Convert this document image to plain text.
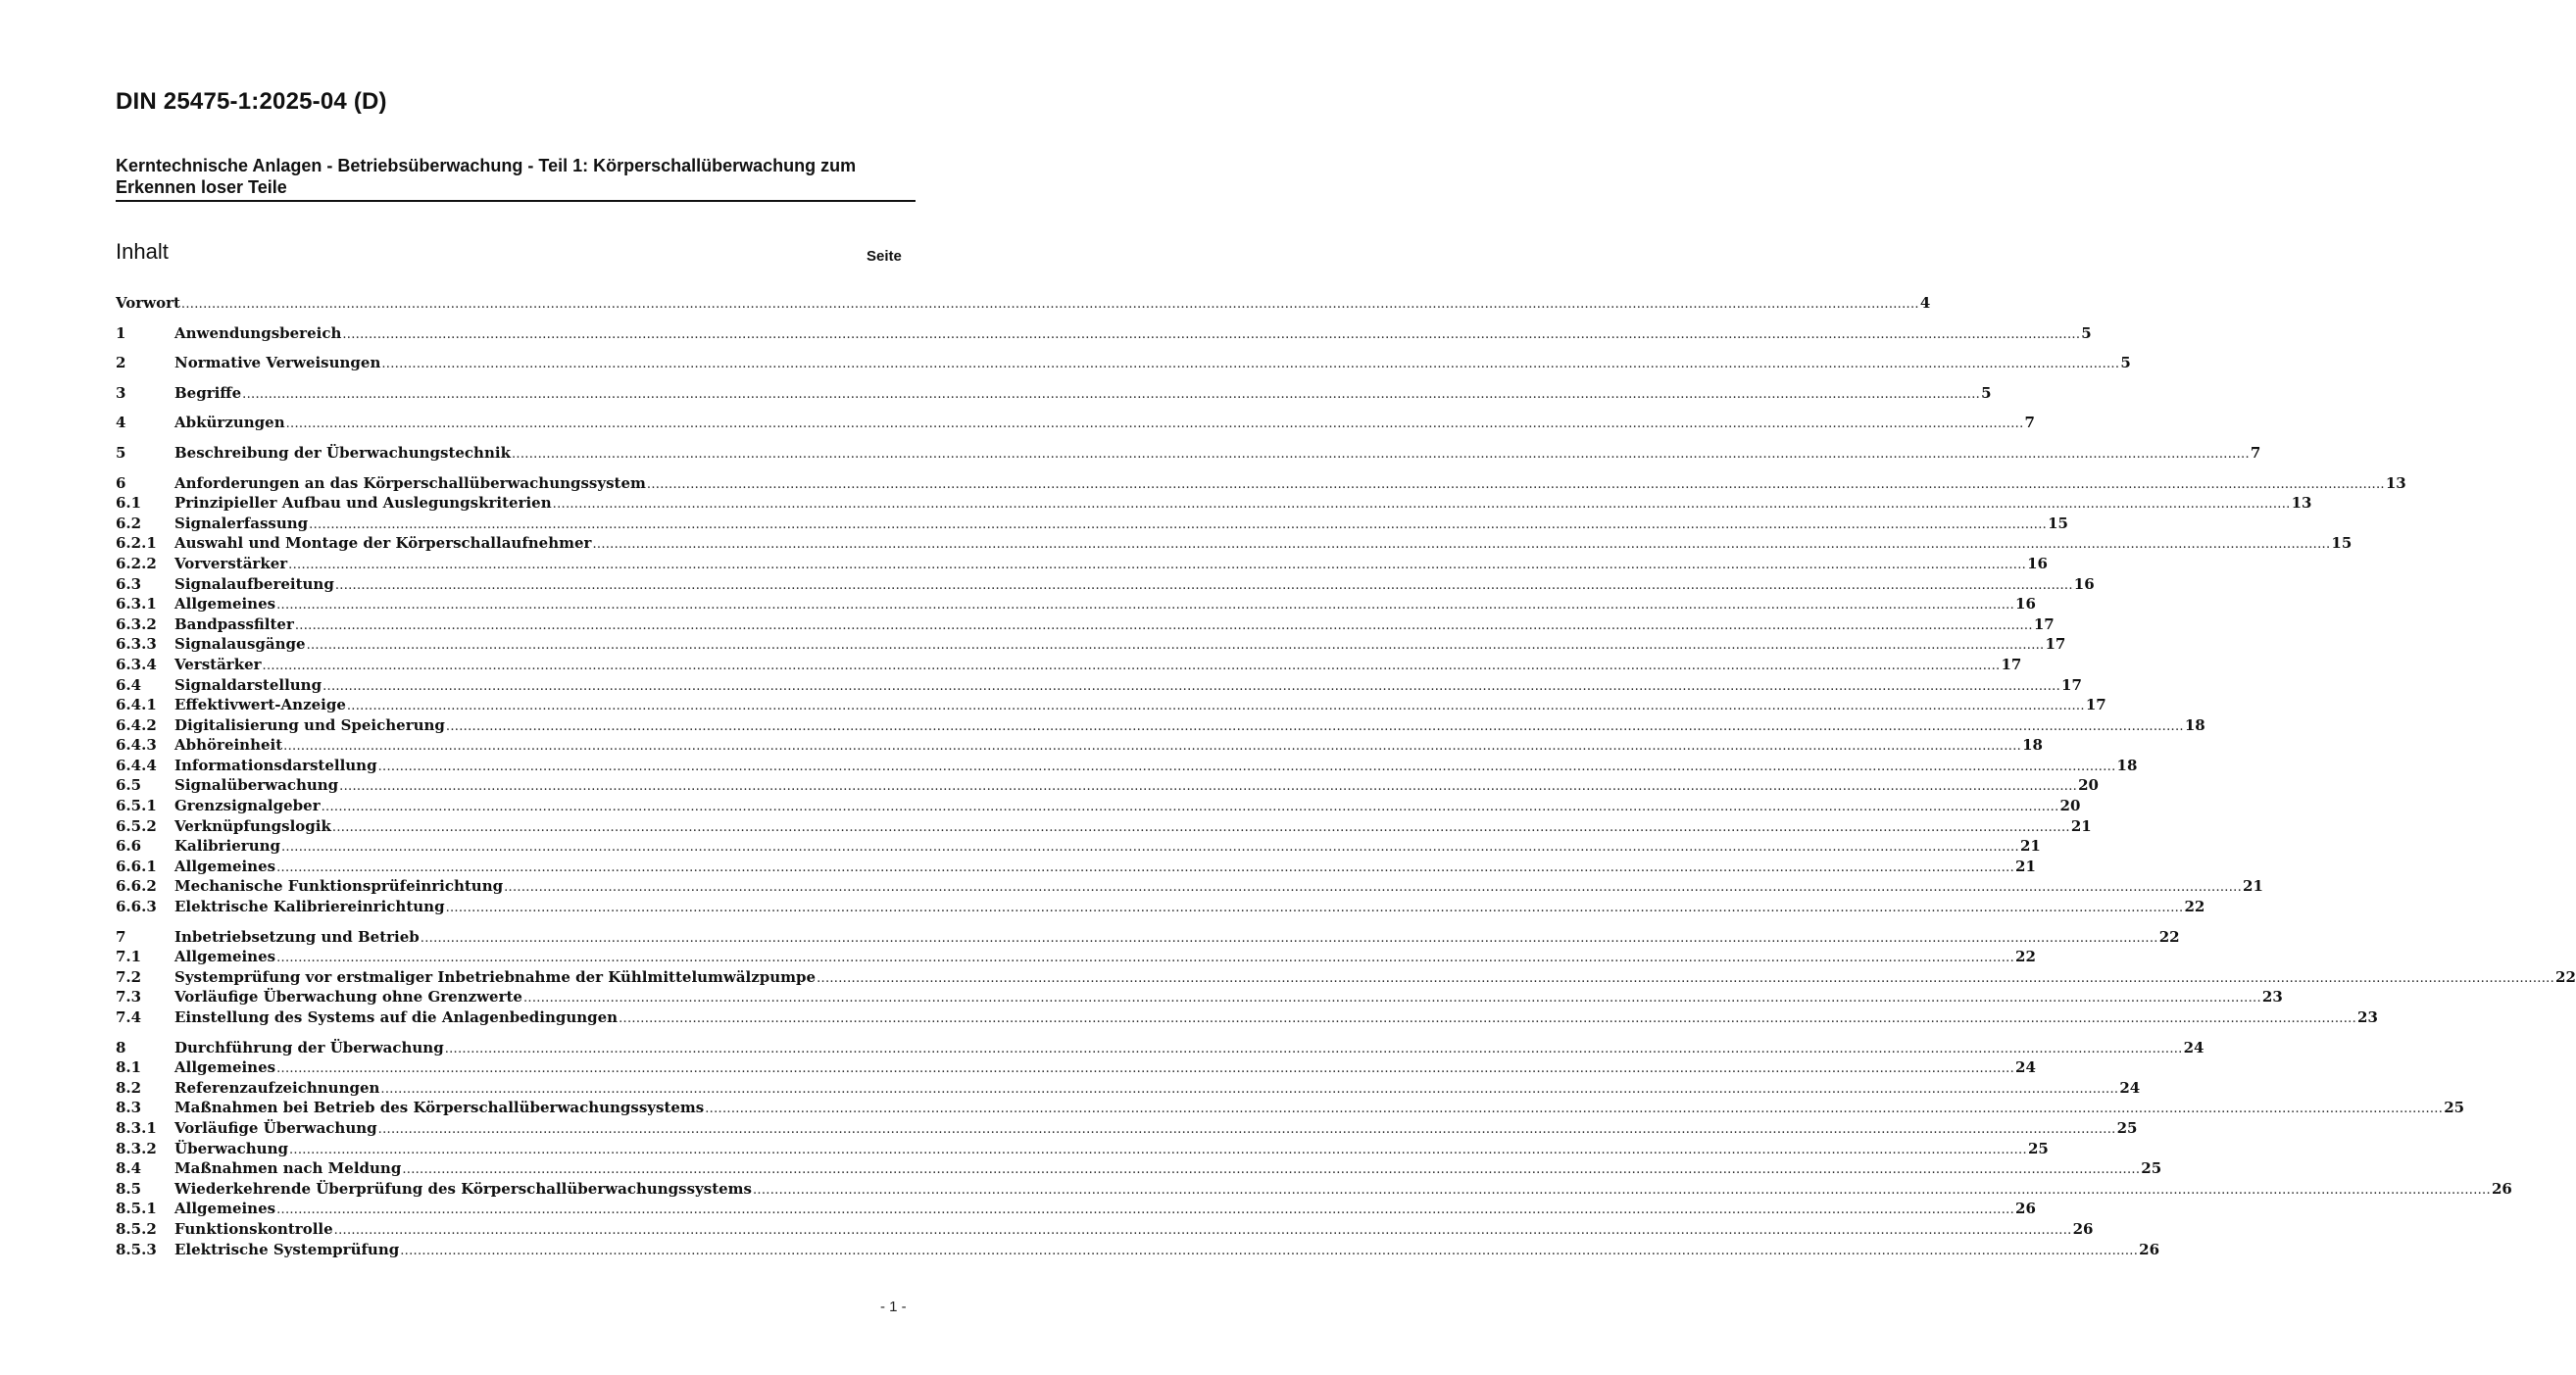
DIN 25475-1:2025-04 (D)
Kerntechnische Anlagen - Betriebsüberwachung - Teil 1: Körperschallüberwachung zum Erkennen loser Teile
Inhalt	Seite
Vorwort ................................................................................................................................................................................................................................................................................................................................................................................................................ 4
1	Anwendungsbereich ................................................................................................................................................................................................................................................................................................................................................................................................................ 5
2	Normative Verweisungen ................................................................................................................................................................................................................................................................................................................................................................................................................ 5
3	Begriffe ................................................................................................................................................................................................................................................................................................................................................................................................................ 5
4	Abkürzungen ................................................................................................................................................................................................................................................................................................................................................................................................................ 7
5	Beschreibung der Überwachungstechnik ................................................................................................................................................................................................................................................................................................................................................................................................................ 7
6	Anforderungen an das Körperschallüberwachungssystem ................................................................................................................................................................................................................................................................................................................................................................................................................ 13
6.1	Prinzipieller Aufbau und Auslegungskriterien ................................................................................................................................................................................................................................................................................................................................................................................................................ 13
6.2	Signalerfassung ................................................................................................................................................................................................................................................................................................................................................................................................................ 15
6.2.1	Auswahl und Montage der Körperschallaufnehmer ................................................................................................................................................................................................................................................................................................................................................................................................................ 15
6.2.2	Vorverstärker ................................................................................................................................................................................................................................................................................................................................................................................................................ 16
6.3	Signalaufbereitung ................................................................................................................................................................................................................................................................................................................................................................................................................ 16
6.3.1	Allgemeines ................................................................................................................................................................................................................................................................................................................................................................................................................ 16
6.3.2	Bandpassfilter ................................................................................................................................................................................................................................................................................................................................................................................................................ 17
6.3.3	Signalausgänge ................................................................................................................................................................................................................................................................................................................................................................................................................ 17
6.3.4	Verstärker ................................................................................................................................................................................................................................................................................................................................................................................................................ 17
6.4	Signaldarstellung ................................................................................................................................................................................................................................................................................................................................................................................................................ 17
6.4.1	Effektivwert-Anzeige ................................................................................................................................................................................................................................................................................................................................................................................................................ 17
6.4.2	Digitalisierung und Speicherung ................................................................................................................................................................................................................................................................................................................................................................................................................ 18
6.4.3	Abhöreinheit ................................................................................................................................................................................................................................................................................................................................................................................................................ 18
6.4.4	Informationsdarstellung ................................................................................................................................................................................................................................................................................................................................................................................................................ 18
6.5	Signalüberwachung ................................................................................................................................................................................................................................................................................................................................................................................................................ 20
6.5.1	Grenzsignalgeber ................................................................................................................................................................................................................................................................................................................................................................................................................ 20
6.5.2	Verknüpfungslogik ................................................................................................................................................................................................................................................................................................................................................................................................................ 21
6.6	Kalibrierung ................................................................................................................................................................................................................................................................................................................................................................................................................ 21
6.6.1	Allgemeines ................................................................................................................................................................................................................................................................................................................................................................................................................ 21
6.6.2	Mechanische Funktionsprüfeinrichtung ................................................................................................................................................................................................................................................................................................................................................................................................................ 21
6.6.3	Elektrische Kalibriereinrichtung ................................................................................................................................................................................................................................................................................................................................................................................................................ 22
7	Inbetriebsetzung und Betrieb ................................................................................................................................................................................................................................................................................................................................................................................................................ 22
7.1	Allgemeines ................................................................................................................................................................................................................................................................................................................................................................................................................ 22
7.2	Systemprüfung vor erstmaliger Inbetriebnahme der Kühlmittelumwälzpumpe ................................................................................................................................................................................................................................................................................................................................................................................................................ 22
7.3	Vorläufige Überwachung ohne Grenzwerte ................................................................................................................................................................................................................................................................................................................................................................................................................ 23
7.4	Einstellung des Systems auf die Anlagenbedingungen ................................................................................................................................................................................................................................................................................................................................................................................................................ 23
8	Durchführung der Überwachung ................................................................................................................................................................................................................................................................................................................................................................................................................ 24
8.1	Allgemeines ................................................................................................................................................................................................................................................................................................................................................................................................................ 24
8.2	Referenzaufzeichnungen ................................................................................................................................................................................................................................................................................................................................................................................................................ 24
8.3	Maßnahmen bei Betrieb des Körperschallüberwachungssystems ................................................................................................................................................................................................................................................................................................................................................................................................................ 25
8.3.1	Vorläufige Überwachung ................................................................................................................................................................................................................................................................................................................................................................................................................ 25
8.3.2	Überwachung ................................................................................................................................................................................................................................................................................................................................................................................................................ 25
8.4	Maßnahmen nach Meldung ................................................................................................................................................................................................................................................................................................................................................................................................................ 25
8.5	Wiederkehrende Überprüfung des Körperschallüberwachungssystems ................................................................................................................................................................................................................................................................................................................................................................................................................ 26
8.5.1	Allgemeines ................................................................................................................................................................................................................................................................................................................................................................................................................ 26
8.5.2	Funktionskontrolle ................................................................................................................................................................................................................................................................................................................................................................................................................ 26
8.5.3	Elektrische Systemprüfung ................................................................................................................................................................................................................................................................................................................................................................................................................ 26
- 1 -
